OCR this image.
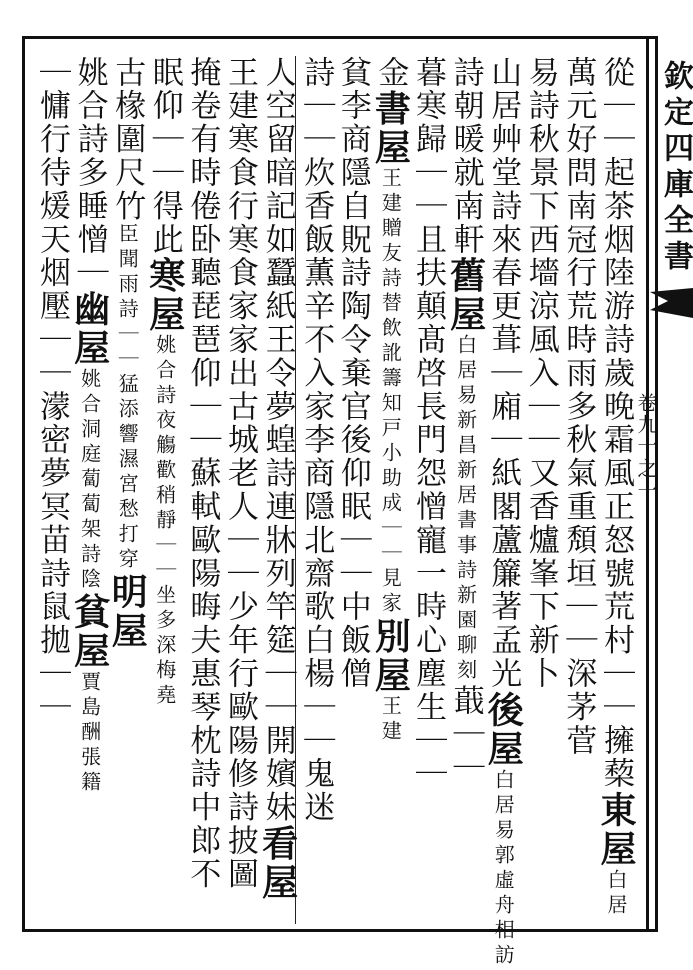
欽定四庫全書
卷九十之一
從｜｜起茶烟陸游詩歲晚霜風正怒號荒村｜｜擁蔾東屋白居
萬元好問南冠行荒時雨多秋氣重頽垣｜｜深茅菅
易詩秋景下西墻涼風入｜｜又香爐峯下新卜
山居艸堂詩來春更葺｜廂｜紙閣蘆簾著孟光後屋白居易郭虛舟相訪
詩朝暖就南軒舊屋白居易新昌新居書事詩新園聊刻蕺｜｜
暮寒歸｜｜且扶顛髙啓長門怨憎寵一時心塵生｜｜
金書屋王建贈友詩替飲訛籌知戸小助成｜｜見家別屋王建
貧李商隱自貺詩陶令棄官後仰眠｜｜中飯僧
詩｜｜炊香飯薫辛不入家李商隱北齋歌白楊｜｜鬼迷
人空留暗記如蠶紙王令夢蝗詩連牀列竿筵｜｜開嬪妹看屋
王建寒食行寒食家家出古城老人｜｜少年行歐陽修詩披圖
掩卷有時倦卧聽琵琶仰｜｜蘇軾歐陽晦夫惠琴枕詩中郎不
眠仰｜｜得此寒屋姚合詩夜觴歡稍靜｜｜坐多深梅堯
古椽圍尺竹臣聞雨詩｜｜猛添響濕宮愁打穿明屋
姚合詩多睡憎｜幽屋姚合洞庭蔔蔔架詩陰貧屋賈島酬張籍
｜慵行待煖天烟壓｜｜濛密夢冥苗詩鼠拋｜｜
